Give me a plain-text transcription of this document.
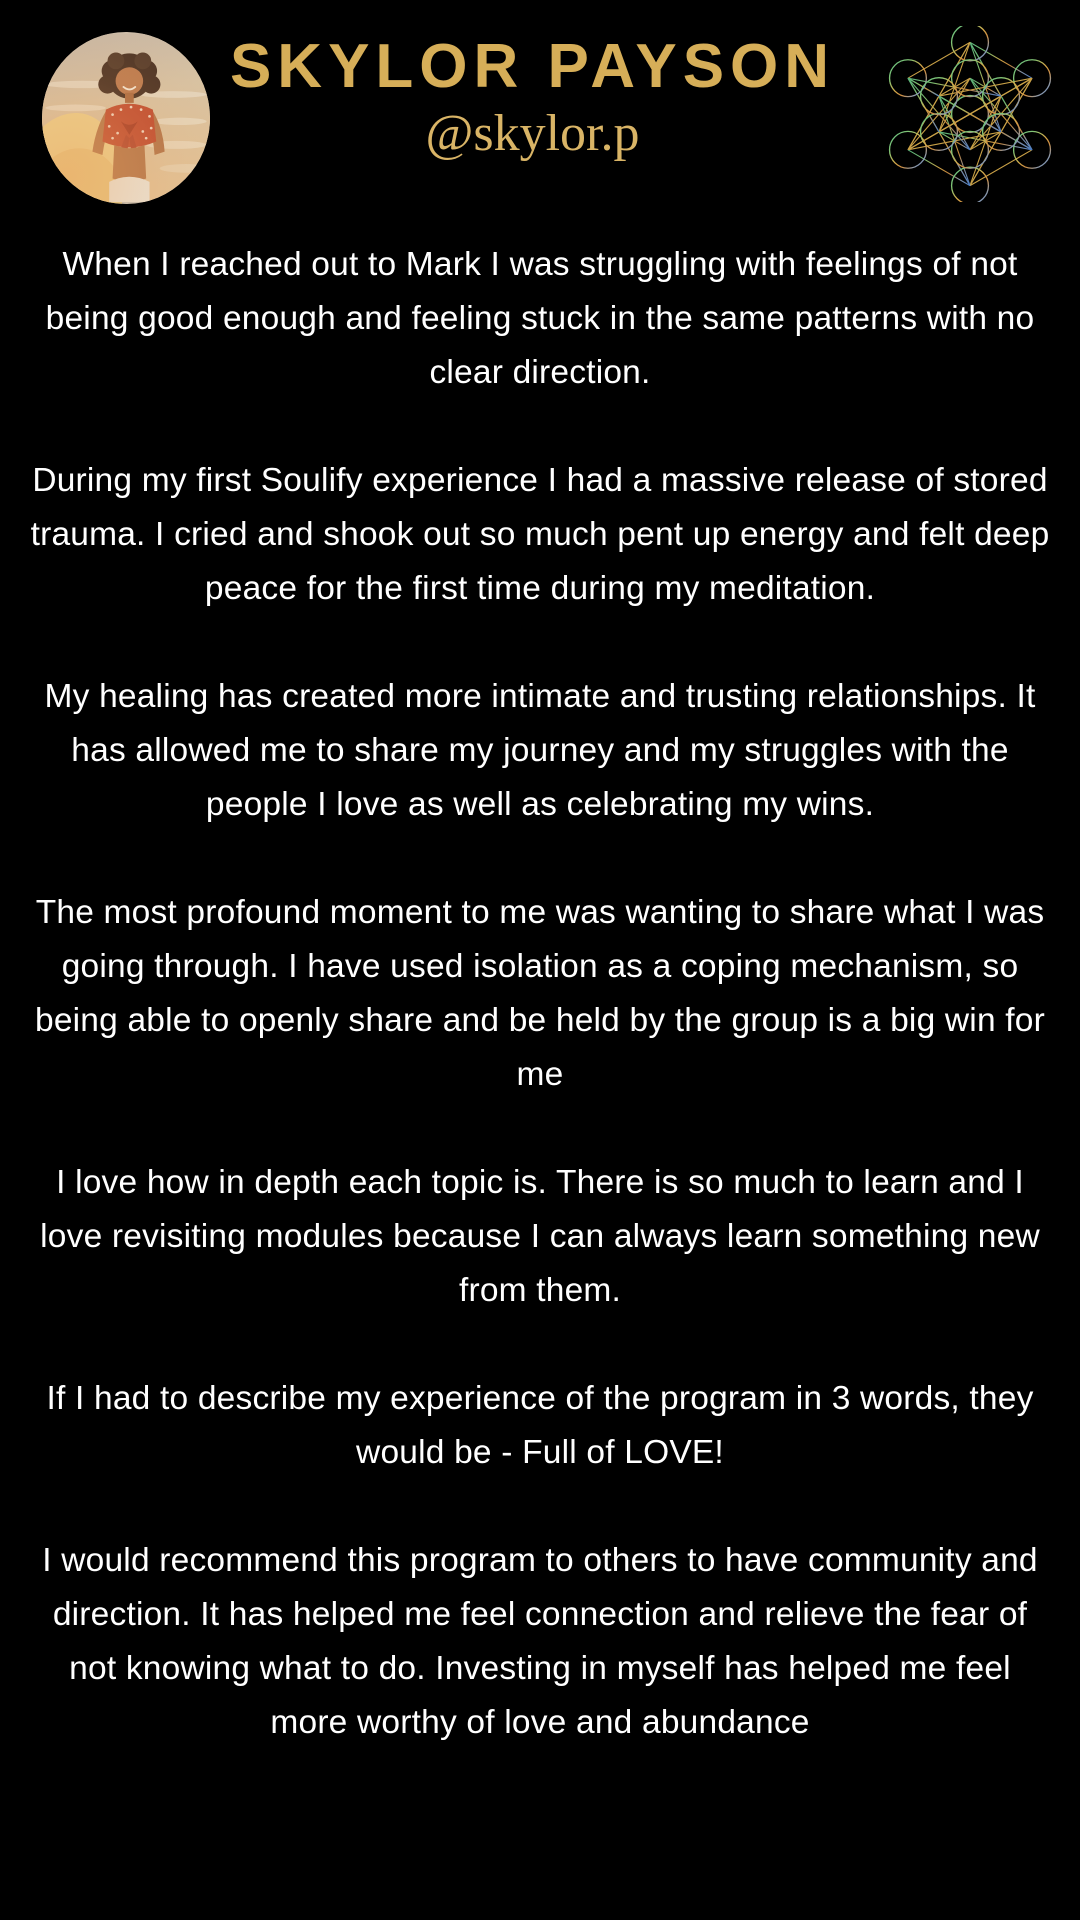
SKYLOR PAYSON
@skylor.p

When I reached out to Mark I was struggling with feelings of not being good enough and feeling stuck in the same patterns with no clear direction.

During my first Soulify experience I had a massive release of stored trauma. I cried and shook out so much pent up energy and felt deep peace for the first time during my meditation.

My healing has created more intimate and trusting relationships. It has allowed me to share my journey and my struggles with the people I love as well as celebrating my wins.

The most profound moment to me was wanting to share what I was going through. I have used isolation as a coping mechanism, so being able to openly share and be held by the group is a big win for me

I love how in depth each topic is. There is so much to learn and I love revisiting modules because I can always learn something new from them.

If I had to describe my experience of the program in 3 words, they would be - Full of LOVE!

I would recommend this program to others to have community and direction. It has helped me feel connection and relieve the fear of not knowing what to do. Investing in myself has helped me feel more worthy of love and abundance
